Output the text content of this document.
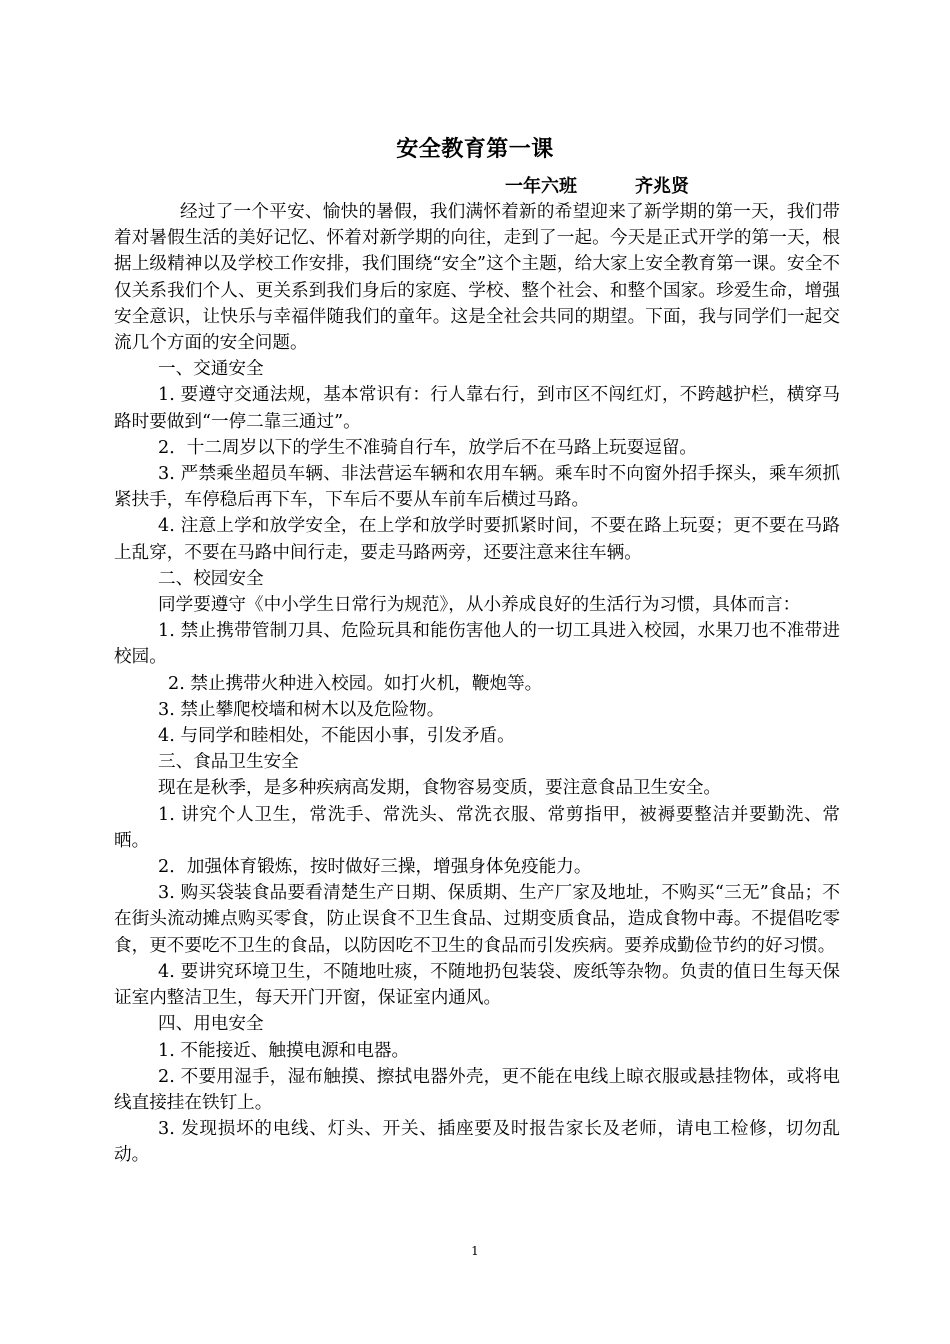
安全教育第一课
一年六班	齐兆贤

经过了一个平安、愉快的暑假，我们满怀着新的希望迎来了新学期的第一天，我们带着对暑假生活的美好记忆、怀着对新学期的向往，走到了一起。今天是正式开学的第一天，根据上级精神以及学校工作安排，我们围绕“安全”这个主题，给大家上安全教育第一课。安全不仅关系我们个人、更关系到我们身后的家庭、学校、整个社会、和整个国家。珍爱生命，增强安全意识，让快乐与幸福伴随我们的童年。这是全社会共同的期望。下面，我与同学们一起交流几个方面的安全问题。

一、交通安全

1. 要遵守交通法规，基本常识有：行人靠右行，到市区不闯红灯，不跨越护栏，横穿马路时要做到“一停二靠三通过”。

2．十二周岁以下的学生不准骑自行车，放学后不在马路上玩耍逗留。

3. 严禁乘坐超员车辆、非法营运车辆和农用车辆。乘车时不向窗外招手探头，乘车须抓紧扶手，车停稳后再下车，下车后不要从车前车后横过马路。

4. 注意上学和放学安全，在上学和放学时要抓紧时间，不要在路上玩耍；更不要在马路上乱穿，不要在马路中间行走，要走马路两旁，还要注意来往车辆。

二、校园安全

同学要遵守《中小学生日常行为规范》，从小养成良好的生活行为习惯，具体而言：

1. 禁止携带管制刀具、危险玩具和能伤害他人的一切工具进入校园，水果刀也不准带进校园。

2. 禁止携带火种进入校园。如打火机，鞭炮等。

3. 禁止攀爬校墙和树木以及危险物。

4. 与同学和睦相处，不能因小事，引发矛盾。

三、食品卫生安全

现在是秋季，是多种疾病高发期，食物容易变质，要注意食品卫生安全。

1. 讲究个人卫生，常洗手、常洗头、常洗衣服、常剪指甲，被褥要整洁并要勤洗、常晒。

2．加强体育锻炼，按时做好三操，增强身体免疫能力。

3. 购买袋装食品要看清楚生产日期、保质期、生产厂家及地址，不购买“三无”食品；不在街头流动摊点购买零食，防止误食不卫生食品、过期变质食品，造成食物中毒。不提倡吃零食，更不要吃不卫生的食品，以防因吃不卫生的食品而引发疾病。要养成勤俭节约的好习惯。

4. 要讲究环境卫生，不随地吐痰，不随地扔包装袋、废纸等杂物。负责的值日生每天保证室内整洁卫生，每天开门开窗，保证室内通风。

四、用电安全

1. 不能接近、触摸电源和电器。

2. 不要用湿手，湿布触摸、擦拭电器外壳，更不能在电线上晾衣服或悬挂物体，或将电线直接挂在铁钉上。

3. 发现损坏的电线、灯头、开关、插座要及时报告家长及老师，请电工检修，切勿乱动。

1
